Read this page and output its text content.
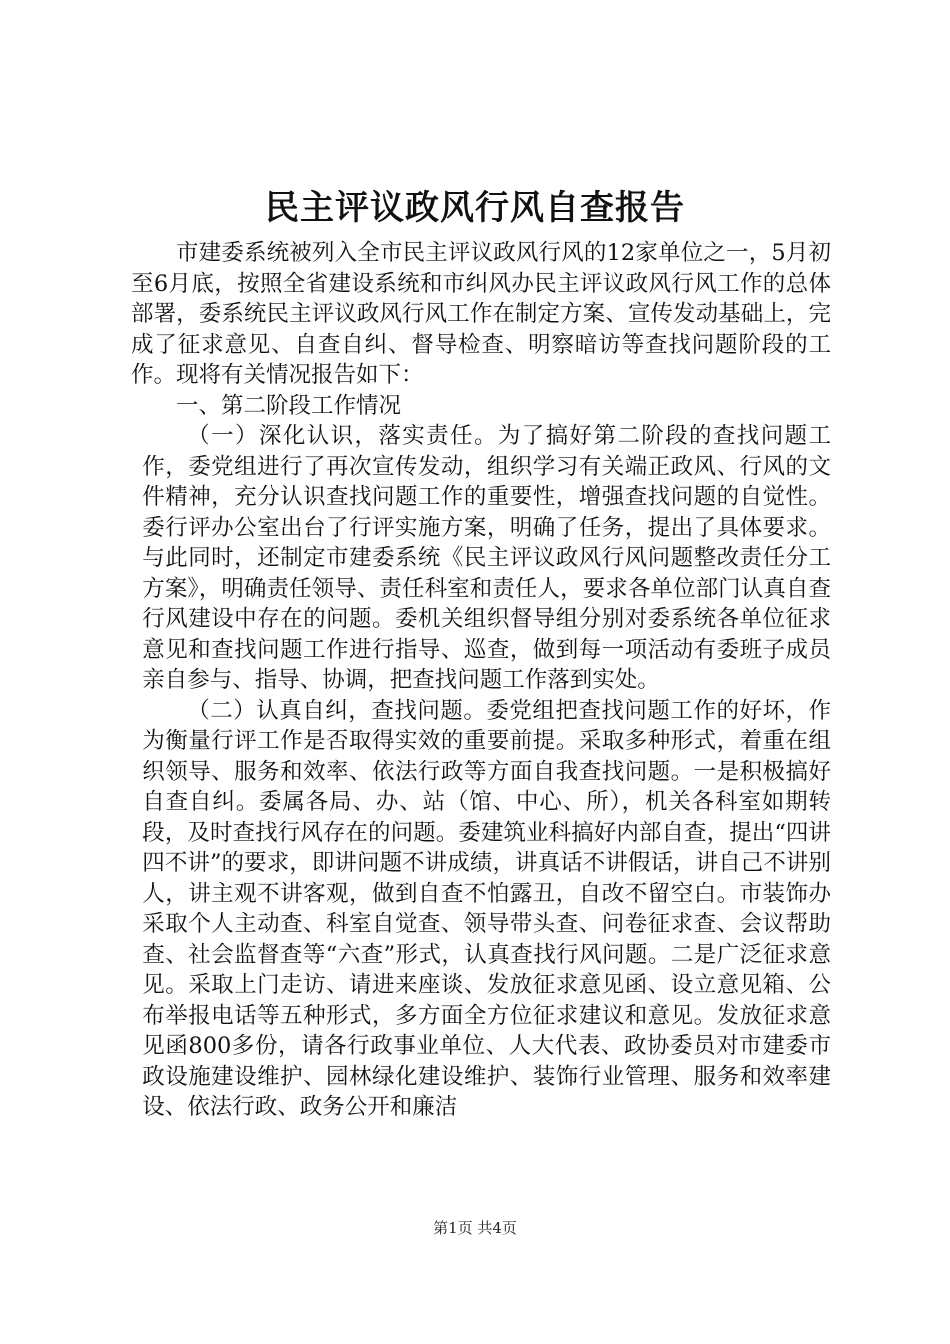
民主评议政风行风自查报告

市建委系统被列入全市民主评议政风行风的12家单位之一，5月初至6月底，按照全省建设系统和市纠风办民主评议政风行风工作的总体部署，委系统民主评议政风行风工作在制定方案、宣传发动基础上，完成了征求意见、自查自纠、督导检查、明察暗访等查找问题阶段的工作。现将有关情况报告如下：

一、第二阶段工作情况

（一）深化认识，落实责任。为了搞好第二阶段的查找问题工作，委党组进行了再次宣传发动，组织学习有关端正政风、行风的文件精神，充分认识查找问题工作的重要性，增强查找问题的自觉性。委行评办公室出台了行评实施方案，明确了任务，提出了具体要求。与此同时，还制定市建委系统《民主评议政风行风问题整改责任分工方案》，明确责任领导、责任科室和责任人，要求各单位部门认真自查行风建设中存在的问题。委机关组织督导组分别对委系统各单位征求意见和查找问题工作进行指导、巡查，做到每一项活动有委班子成员亲自参与、指导、协调，把查找问题工作落到实处。

（二）认真自纠，查找问题。委党组把查找问题工作的好坏，作为衡量行评工作是否取得实效的重要前提。采取多种形式，着重在组织领导、服务和效率、依法行政等方面自我查找问题。一是积极搞好自查自纠。委属各局、办、站（馆、中心、所），机关各科室如期转段，及时查找行风存在的问题。委建筑业科搞好内部自查，提出“四讲四不讲”的要求，即讲问题不讲成绩，讲真话不讲假话，讲自己不讲别人，讲主观不讲客观，做到自查不怕露丑，自改不留空白。市装饰办采取个人主动查、科室自觉查、领导带头查、问卷征求查、会议帮助查、社会监督查等“六查”形式，认真查找行风问题。二是广泛征求意见。采取上门走访、请进来座谈、发放征求意见函、设立意见箱、公布举报电话等五种形式，多方面全方位征求建议和意见。发放征求意见函800多份，请各行政事业单位、人大代表、政协委员对市建委市政设施建设维护、园林绿化建设维护、装饰行业管理、服务和效率建设、依法行政、政务公开和廉洁

第1页 共4页
